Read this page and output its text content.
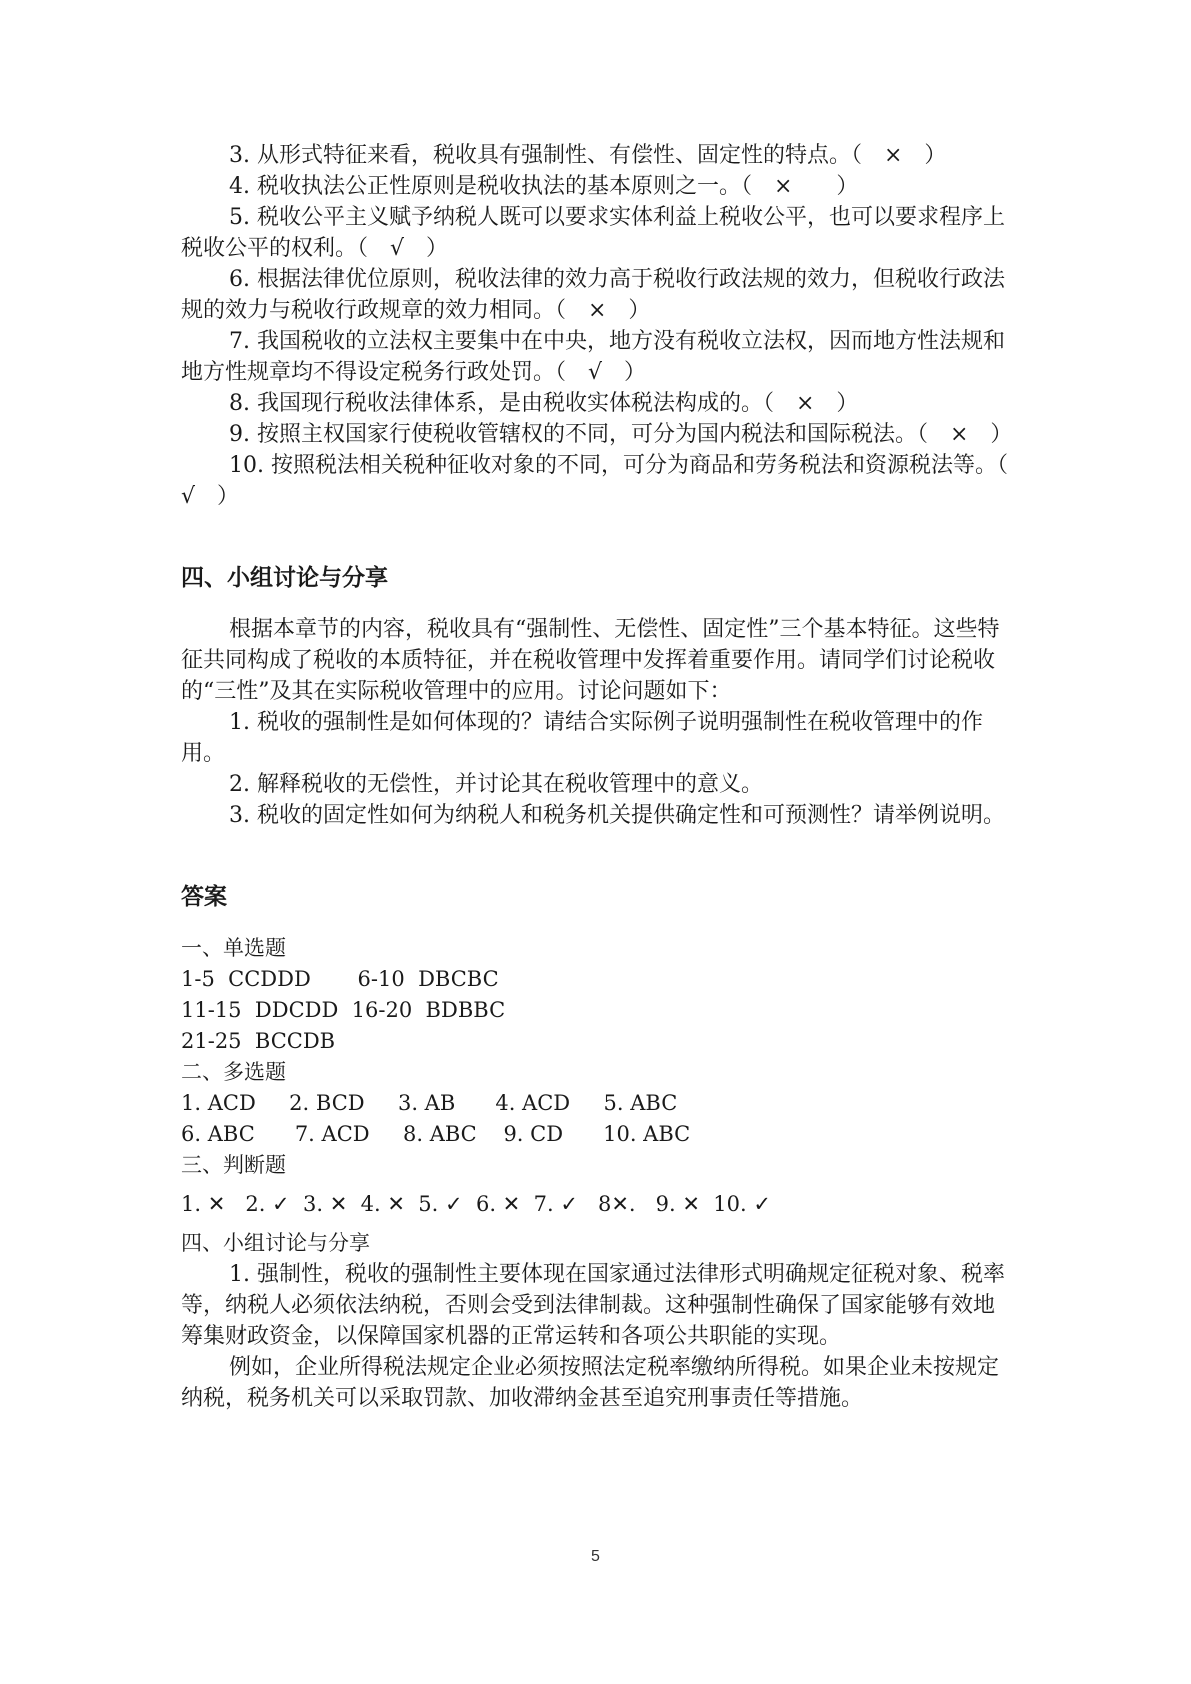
3. 从形式特征来看，税收具有强制性、有偿性、固定性的特点。（　×　）

4. 税收执法公正性原则是税收执法的基本原则之一。（　×　　）

5. 税收公平主义赋予纳税人既可以要求实体利益上税收公平，也可以要求程序上税收公平的权利。（　√　）

6. 根据法律优位原则，税收法律的效力高于税收行政法规的效力，但税收行政法规的效力与税收行政规章的效力相同。（　×　）

7. 我国税收的立法权主要集中在中央，地方没有税收立法权，因而地方性法规和地方性规章均不得设定税务行政处罚。（　√　）

8. 我国现行税收法律体系，是由税收实体税法构成的。（　×　）

9. 按照主权国家行使税收管辖权的不同，可分为国内税法和国际税法。（　×　）

10. 按照税法相关税种征收对象的不同，可分为商品和劳务税法和资源税法等。（　√　）

四、小组讨论与分享

根据本章节的内容，税收具有“强制性、无偿性、固定性”三个基本特征。这些特征共同构成了税收的本质特征，并在税收管理中发挥着重要作用。请同学们讨论税收的“三性”及其在实际税收管理中的应用。讨论问题如下：

1. 税收的强制性是如何体现的？请结合实际例子说明强制性在税收管理中的作用。

2. 解释税收的无偿性，并讨论其在税收管理中的意义。

3. 税收的固定性如何为纳税人和税务机关提供确定性和可预测性？请举例说明。

答案

一、单选题

1-5  CCDDD       6-10  DBCBC

11-15  DDCDD  16-20  BDBBC

21-25  BCCDB

二、多选题

1. ACD     2. BCD     3. AB      4. ACD     5. ABC

6. ABC      7. ACD     8. ABC    9. CD      10. ABC

三、判断题

1. ✕   2. ✓  3. ✕  4. ✕  5. ✓  6. ✕  7. ✓   8✕.   9. ✕  10. ✓

四、小组讨论与分享

1. 强制性，税收的强制性主要体现在国家通过法律形式明确规定征税对象、税率等，纳税人必须依法纳税，否则会受到法律制裁。这种强制性确保了国家能够有效地筹集财政资金，以保障国家机器的正常运转和各项公共职能的实现。

例如，企业所得税法规定企业必须按照法定税率缴纳所得税。如果企业未按规定纳税，税务机关可以采取罚款、加收滞纳金甚至追究刑事责任等措施。

5
